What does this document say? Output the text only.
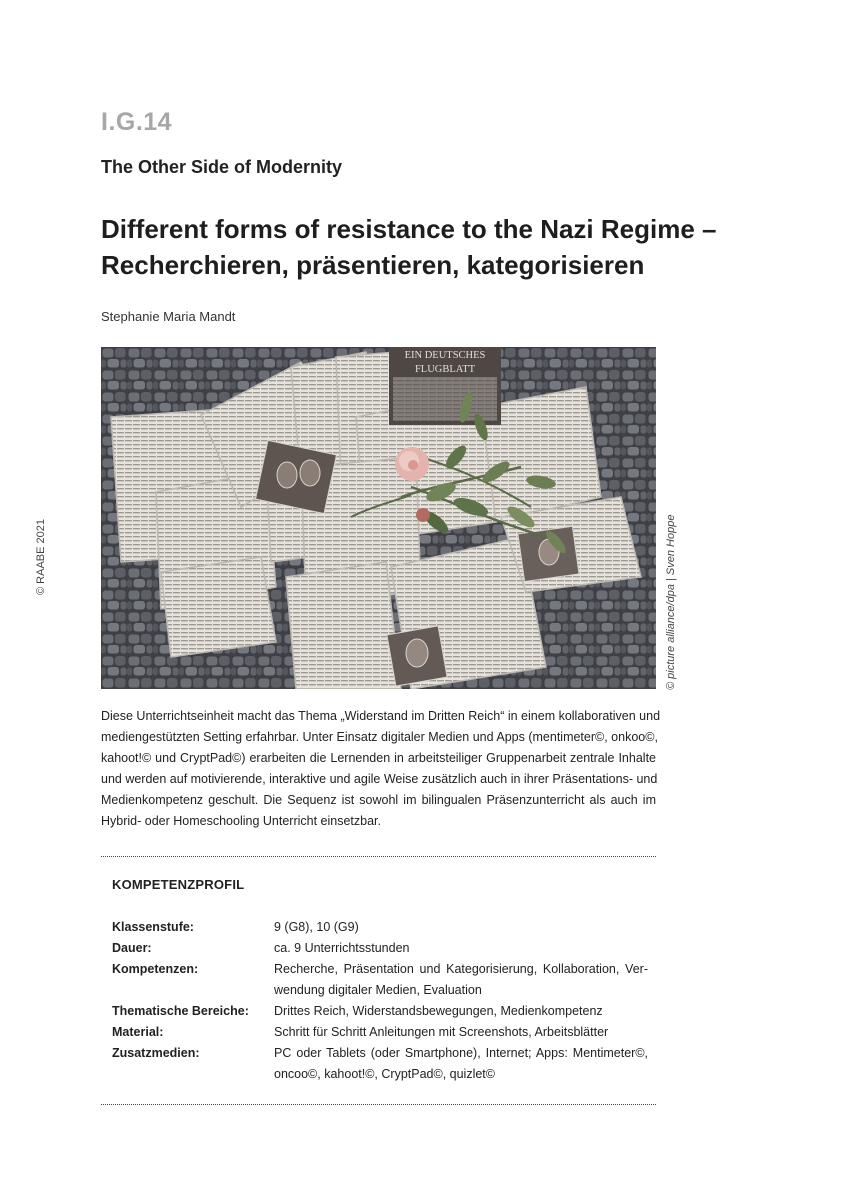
I.G.14
The Other Side of Modernity
Different forms of resistance to the Nazi Regime –
Recherchieren, präsentieren, kategorisieren
Stephanie Maria Mandt
EIN DEUTSCHES
FLUGBLATT
© RAABE 2021	© picture alliance/dpa | Sven Hoppe
Diese Unterrichtseinheit macht das Thema „Widerstand im Dritten Reich“ in einem kollaborativen und
mediengestützten Setting erfahrbar. Unter Einsatz digitaler Medien und Apps (mentimeter©, onkoo©,
kahoot!© und CryptPad©) erarbeiten die Lernenden in arbeitsteiliger Gruppenarbeit zentrale Inhalte
und werden auf motivierende, interaktive und agile Weise zusätzlich auch in ihrer Präsentations- und
Medienkompetenz geschult. Die Sequenz ist sowohl im bilingualen Präsenzunterricht als auch im
Hybrid- oder Homeschooling Unterricht einsetzbar.
KOMPETENZPROFIL
Klassenstufe:	9 (G8), 10 (G9)
Dauer:	ca. 9 Unterrichtsstunden
Kompetenzen:	Recherche, Präsentation und Kategorisierung, Kollaboration, Ver-
wendung digitaler Medien, Evaluation
Thematische Bereiche:	Drittes Reich, Widerstandsbewegungen, Medienkompetenz
Material:	Schritt für Schritt Anleitungen mit Screenshots, Arbeitsblätter
Zusatzmedien:	PC oder Tablets (oder Smartphone), Internet; Apps: Mentimeter©,
oncoo©, kahoot!©, CryptPad©, quizlet©
